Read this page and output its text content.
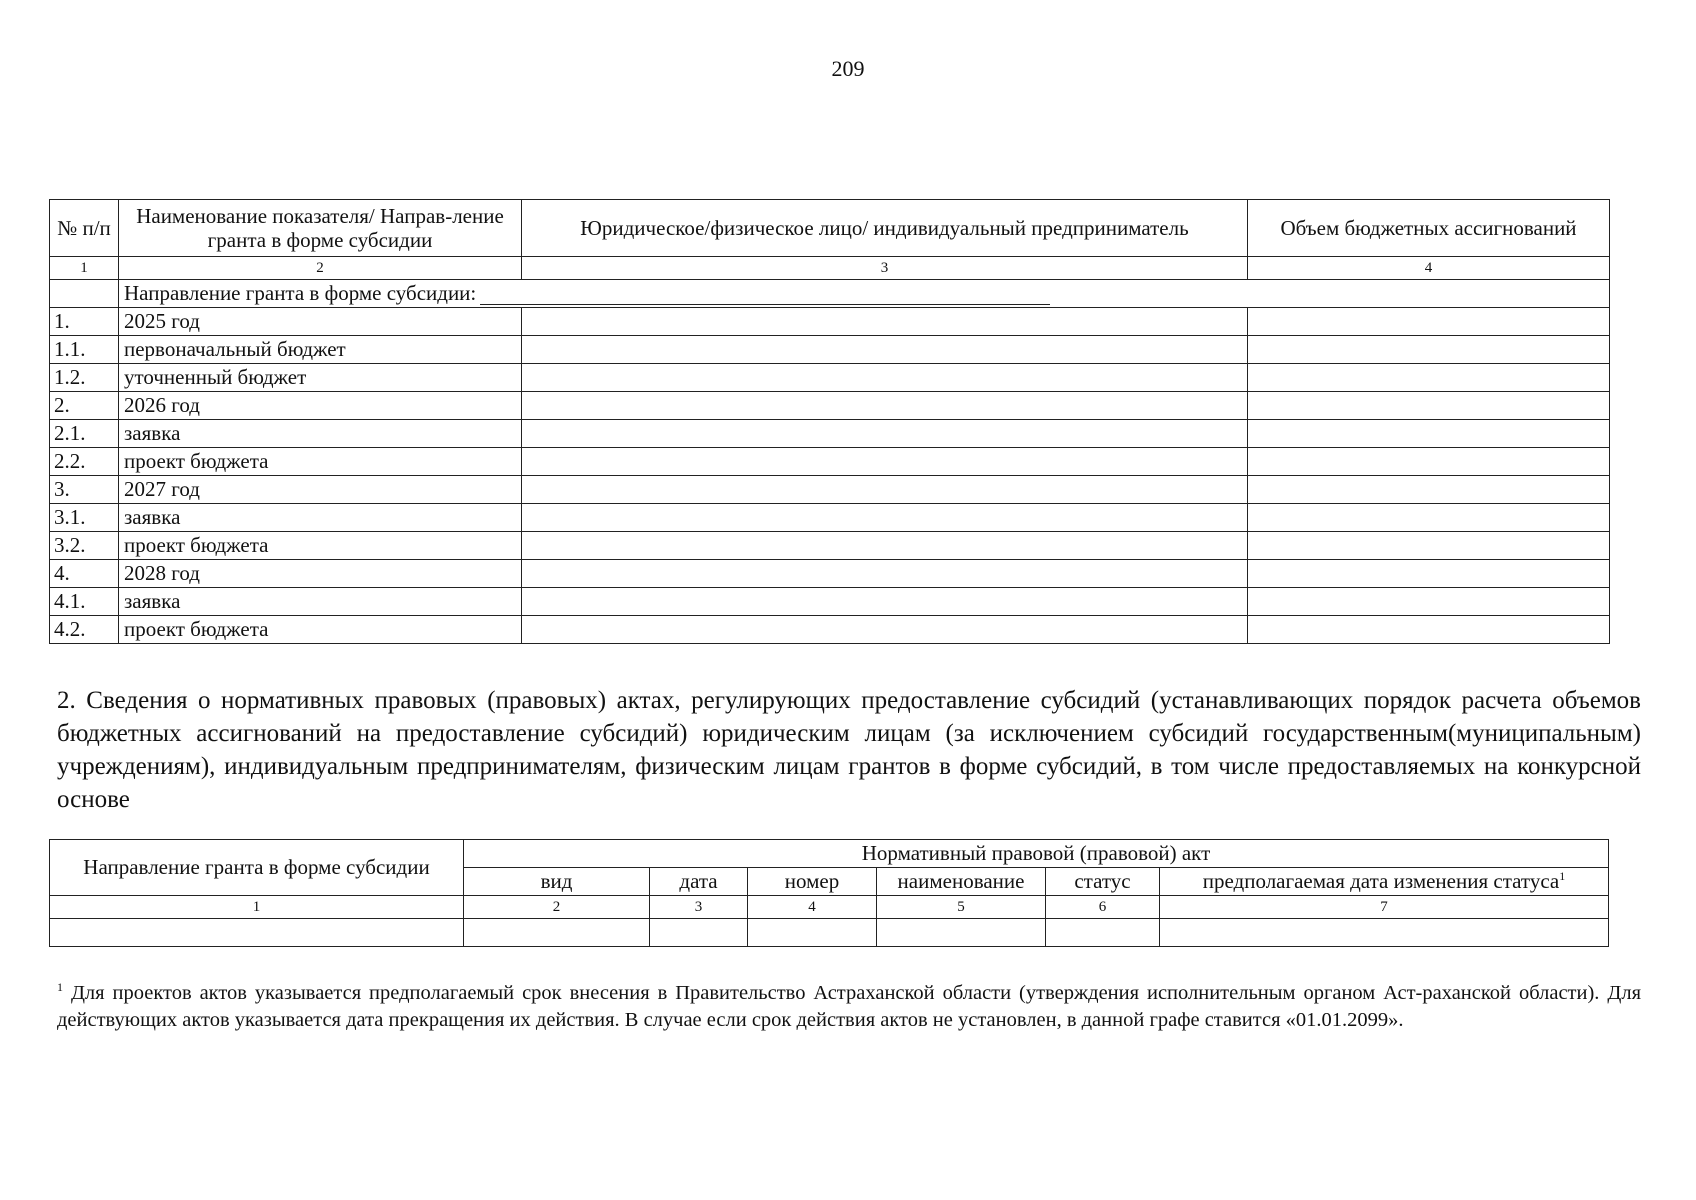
209
№ п/п	Наименование показателя/ Направ-ление гранта в форме субсидии	Юридическое/физическое лицо/ индивидуальный предприниматель	Объем бюджетных ассигнований
1	2	3	4
	Направление гранта в форме субсидии:		
1.	2025 год		
1.1.	первоначальный бюджет		
1.2.	уточненный бюджет		
2.	2026 год		
2.1.	заявка		
2.2.	проект бюджета		
3.	2027 год		
3.1.	заявка		
3.2.	проект бюджета		
4.	2028 год		
4.1.	заявка		
4.2.	проект бюджета		
2. Сведения о нормативных правовых (правовых) актах, регулирующих предоставление субсидий (устанавливающих порядок расчета объемов бюджетных ассигнований на предоставление субсидий) юридическим лицам (за исключением субсидий государственным(муниципальным) учреждениям), индивидуальным предпринимателям, физическим лицам грантов в форме субсидий, в том числе предоставляемых на конкурсной основе
Направление гранта в форме субсидии	Нормативный правовой (правовой) акт					
	вид	дата	номер	наименование	статус	предполагаемая дата изменения статуса$^1$
1	2	3	4	5	6	7

$^1$ Для проектов актов указывается предполагаемый срок внесения в Правительство Астраханской области (утверждения исполнительным органом Аст-раханской области). Для действующих актов указывается дата прекращения их действия. В случае если срок действия актов не установлен, в данной графе ставится «01.01.2099».
